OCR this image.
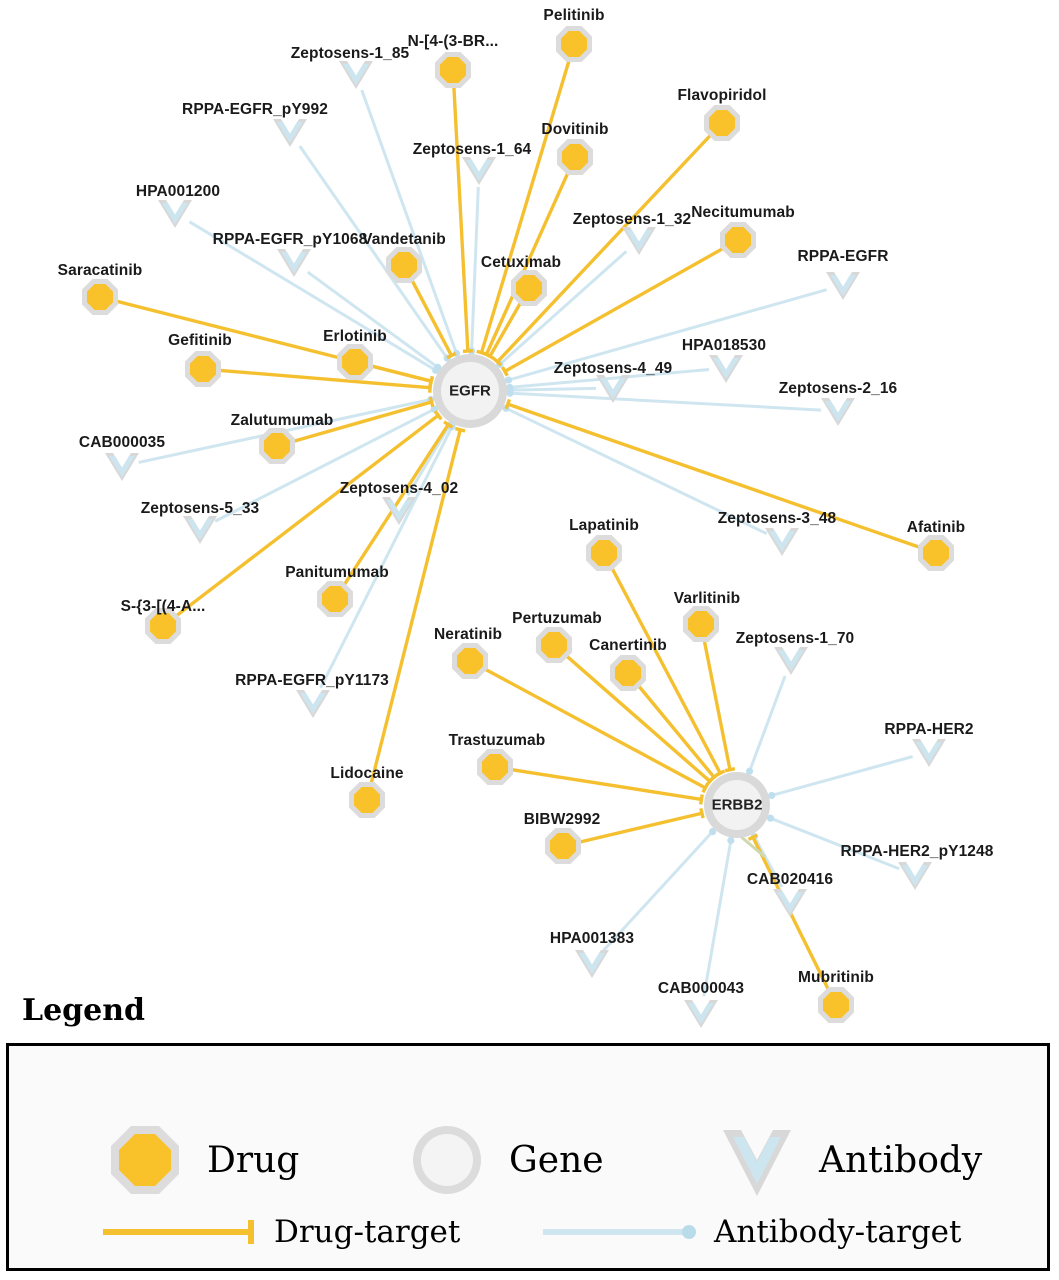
Zeptosens-1_85
RPPA-EGFR_pY992
Zeptosens-1_64
HPA001200
Zeptosens-1_32
RPPA-EGFR_pY1068
RPPA-EGFR
HPA018530
Zeptosens-4_49
Zeptosens-2_16
CAB000035
Zeptosens-4_02
Zeptosens-5_33
Zeptosens-3_48
Zeptosens-1_70
RPPA-EGFR_pY1173
RPPA-HER2
RPPA-HER2_pY1248
CAB020416
HPA001383
CAB000043
Pelitinib
N-[4-(3-BR...
Flavopiridol
Dovitinib
Necitumumab
Vandetanib
Cetuximab
Saracatinib
Gefitinib	Erlotinib
Zalutumumab
Afatinib
Lapatinib
Varlitinib
Panitumumab
S-{3-[(4-A...
Pertuzumab
Neratinib
Canertinib
Trastuzumab
Lidocaine
BIBW2992
Mubritinib
EGFR
ERBB2
Legend
Drug	Gene	Antibody
Drug-target	Antibody-target
